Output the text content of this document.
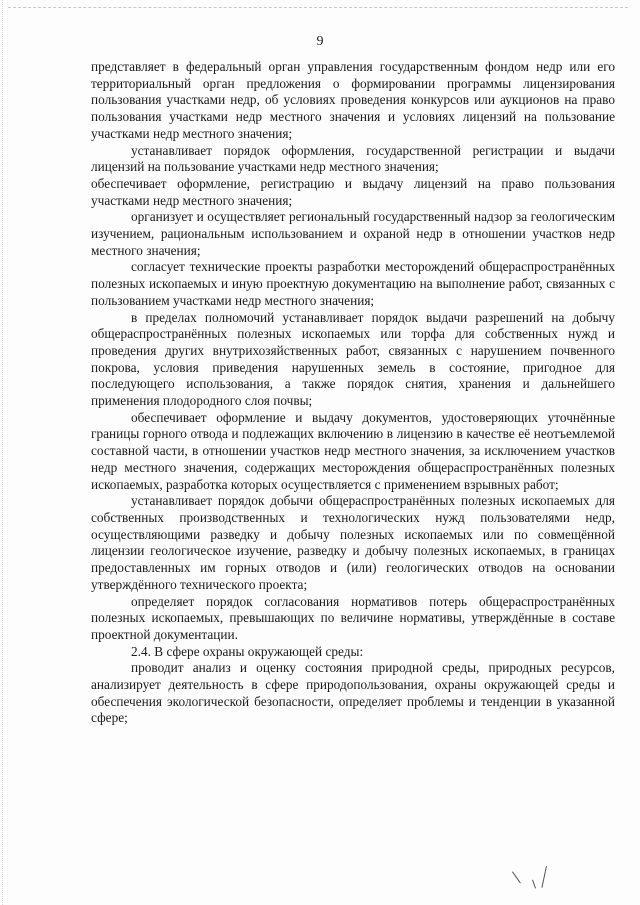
9

представляет в федеральный орган управления государственным фондом недр или его территориальный орган предложения о формировании программы лицензирования пользования участками недр, об условиях проведения конкурсов или аукционов на право пользования участками недр местного значения и условиях лицензий на пользование участками недр местного значения;

устанавливает порядок оформления, государственной регистрации и выдачи лицензий на пользование участками недр местного значения;

обеспечивает оформление, регистрацию и выдачу лицензий на право пользования участками недр местного значения;

организует и осуществляет региональный государственный надзор за геологическим изучением, рациональным использованием и охраной недр в отношении участков недр местного значения;

согласует технические проекты разработки месторождений общераспространённых полезных ископаемых и иную проектную документацию на выполнение работ, связанных с пользованием участками недр местного значения;

в пределах полномочий устанавливает порядок выдачи разрешений на добычу общераспространённых полезных ископаемых или торфа для собственных нужд и проведения других внутрихозяйственных работ, связанных с нарушением почвенного покрова, условия приведения нарушенных земель в состояние, пригодное для последующего использования, а также порядок снятия, хранения и дальнейшего применения плодородного слоя почвы;

обеспечивает оформление и выдачу документов, удостоверяющих уточнённые границы горного отвода и подлежащих включению в лицензию в качестве её неотъемлемой составной части, в отношении участков недр местного значения, за исключением участков недр местного значения, содержащих месторождения общераспространённых полезных ископаемых, разработка которых осуществляется с применением взрывных работ;

устанавливает порядок добычи общераспространённых полезных ископаемых для собственных производственных и технологических нужд пользователями недр, осуществляющими разведку и добычу полезных ископаемых или по совмещённой лицензии геологическое изучение, разведку и добычу полезных ископаемых, в границах предоставленных им горных отводов и (или) геологических отводов на основании утверждённого технического проекта;

определяет порядок согласования нормативов потерь общераспространённых полезных ископаемых, превышающих по величине нормативы, утверждённые в составе проектной документации.

2.4. В сфере охраны окружающей среды:

проводит анализ и оценку состояния природной среды, природных ресурсов, анализирует деятельность в сфере природопользования, охраны окружающей среды и обеспечения экологической безопасности, определяет проблемы и тенденции в указанной сфере;
